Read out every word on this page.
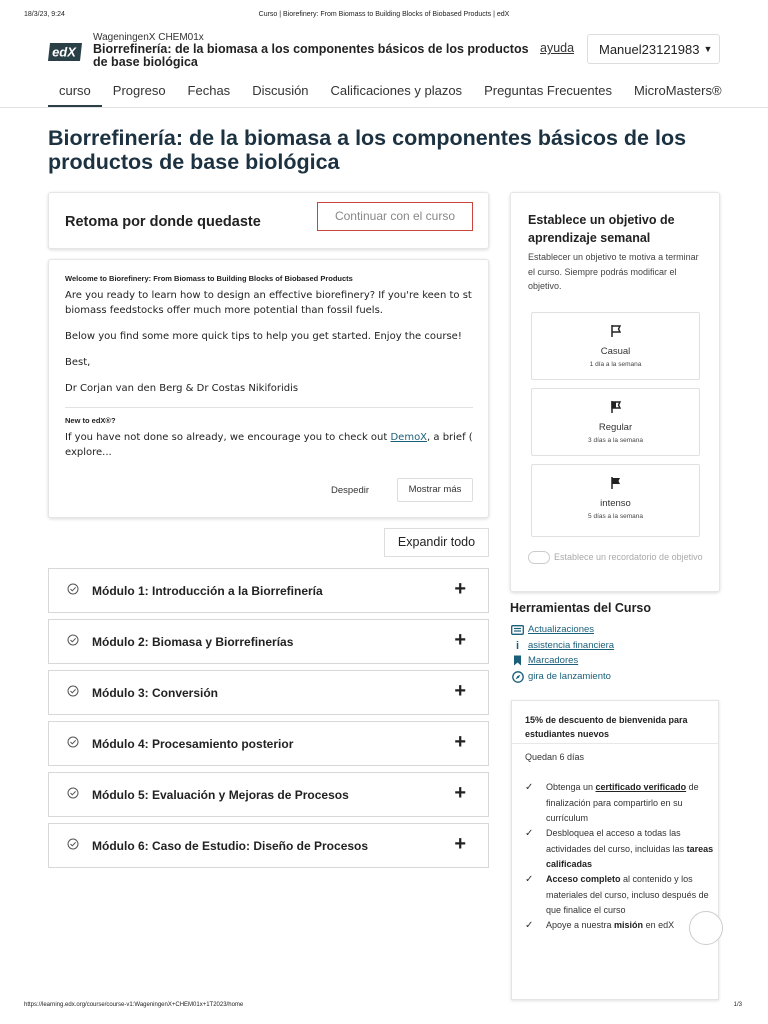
18/3/23, 9:24	Curso | Biorefinery: From Biomass to Building Blocks of Biobased Products | edX
https://learning.edx.org/course/course-v1:WageningenX+CHEM01x+1T2023/home	1/3
edX
WageningenX CHEM01x
Biorrefinería: de la biomasa a los componentes básicos de los productos de base biológica
ayuda Manuel23121983 ▼
curso	Progreso Fechas Discusión Calificaciones y plazos Preguntas Frecuentes MicroMasters®
Biorrefinería: de la biomasa a los componentes básicos de los productos de base biológica
Retoma por donde quedaste	Continuar con el curso
Welcome to Biorefinery: From Biomass to Building Blocks of Biobased Products

Are you ready to learn how to design an effective biorefinery? If you're keen to st
biomass feedstocks offer much more potential than fossil fuels.

Below you find some more quick tips to help you get started. Enjoy the course!

Best,

Dr Corjan van den Berg & Dr Costas Nikiforidis

New to edX®?

If you have not done so already, we encourage you to check out DemoX, a brief (
explore...

Despedir	Mostrar más
Expandir todo
Módulo 1: Introducción a la Biorrefinería	+
Módulo 2: Biomasa y Biorrefinerías	+
Módulo 3: Conversión	+
Módulo 4: Procesamiento posterior	+
Módulo 5: Evaluación y Mejoras de Procesos	+
Módulo 6: Caso de Estudio: Diseño de Procesos	+
Establece un objetivo de aprendizaje semanal
Establecer un objetivo te motiva a terminar el curso. Siempre podrás modificar el objetivo.
Casual
1 día a la semana
Regular
3 días a la semana
intenso
5 días a la semana
Establece un recordatorio de objetivo
Herramientas del Curso
Actualizaciones
i asistencia financiera
Marcadores
gira de lanzamiento
15% de descuento de bienvenida para estudiantes nuevos
Quedan 6 días
✓	Obtenga un certificado verificado de finalización para compartirlo en su currículum
✓	Desbloquea el acceso a todas las actividades del curso, incluidas las tareas calificadas
✓	Acceso completo al contenido y los materiales del curso, incluso después de que finalice el curso
✓	Apoye a nuestra misión en edX
